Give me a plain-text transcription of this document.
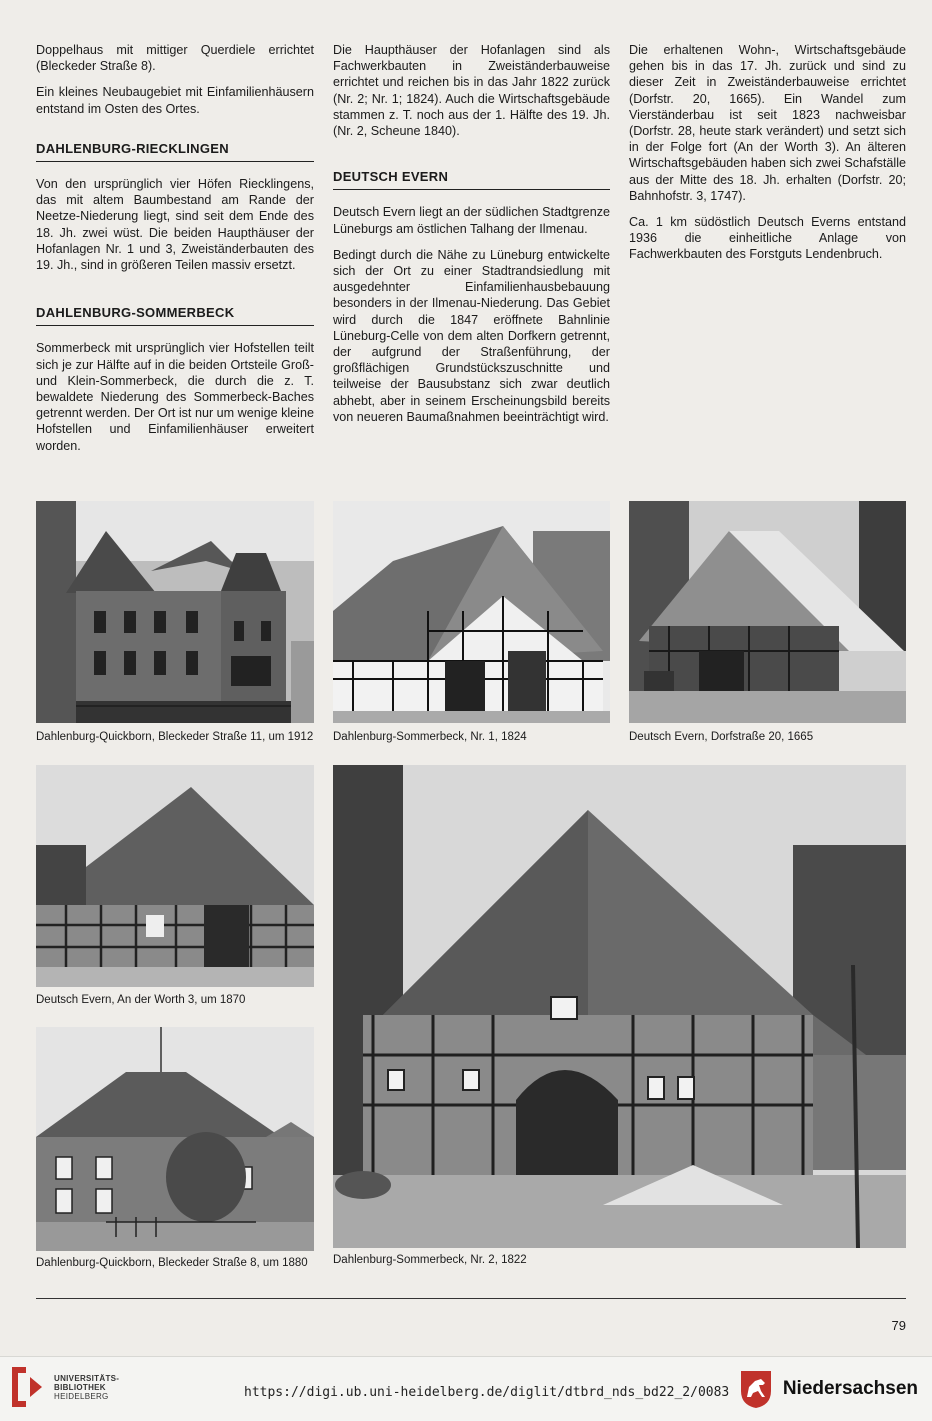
Doppelhaus mit mittiger Querdiele errichtet (Bleckeder Straße 8).

Ein kleines Neubaugebiet mit Einfamilienhäusern entstand im Osten des Ortes.

DAHLENBURG-RIECKLINGEN

Von den ursprünglich vier Höfen Riecklingens, das mit altem Baumbestand am Rande der Neetze-Niederung liegt, sind seit dem Ende des 18. Jh. zwei wüst. Die beiden Haupthäuser der Hofanlagen Nr. 1 und 3, Zweiständerbauten des 19. Jh., sind in größeren Teilen massiv ersetzt.

DAHLENBURG-SOMMERBECK

Sommerbeck mit ursprünglich vier Hofstellen teilt sich je zur Hälfte auf in die beiden Ortsteile Groß- und Klein-Sommerbeck, die durch die z. T. bewaldete Niederung des Sommerbeck-Baches getrennt werden. Der Ort ist nur um wenige kleine Hofstellen und Einfamilienhäuser erweitert worden.

Die Haupthäuser der Hofanlagen sind als Fachwerkbauten in Zweiständerbauweise errichtet und reichen bis in das Jahr 1822 zurück (Nr. 2; Nr. 1; 1824). Auch die Wirtschaftsgebäude stammen z. T. noch aus der 1. Hälfte des 19. Jh. (Nr. 2, Scheune 1840).

DEUTSCH EVERN

Deutsch Evern liegt an der südlichen Stadtgrenze Lüneburgs am östlichen Talhang der Ilmenau.

Bedingt durch die Nähe zu Lüneburg entwickelte sich der Ort zu einer Stadtrandsiedlung mit ausgedehnter Einfamilienhausbebauung besonders in der Ilmenau-Niederung. Das Gebiet wird durch die 1847 eröffnete Bahnlinie Lüneburg-Celle von dem alten Dorfkern getrennt, der aufgrund der Straßenführung, der großflächigen Grundstückszuschnitte und teilweise der Bausubstanz sich zwar deutlich abhebt, aber in seinem Erscheinungsbild bereits von neueren Baumaßnahmen beeinträchtigt wird.

Die erhaltenen Wohn-, Wirtschaftsgebäude gehen bis in das 17. Jh. zurück und sind zu dieser Zeit in Zweiständerbauweise errichtet (Dorfstr. 20, 1665). Ein Wandel zum Vierständerbau ist seit 1823 nachweisbar (Dorfstr. 28, heute stark verändert) und setzt sich in der Folge fort (An der Worth 3). An älteren Wirtschaftsgebäuden haben sich zwei Schafställe aus der Mitte des 18. Jh. erhalten (Dorfstr. 20; Bahnhofstr. 3, 1747).

Ca. 1 km südöstlich Deutsch Everns entstand 1936 die einheitliche Anlage von Fachwerkbauten des Forstguts Lendenbruch.

Dahlenburg-Quickborn, Bleckeder Straße 11, um 1912 Dahlenburg-Sommerbeck, Nr. 1, 1824	Deutsch Evern, Dorfstraße 20, 1665
Deutsch Evern, An der Worth 3, um 1870
Dahlenburg-Quickborn, Bleckeder Straße 8, um 1880	Dahlenburg-Sommerbeck, Nr. 2, 1822
79
UNIVERSITÄTS-
BIBLIOTHEK
HEIDELBERG	https://digi.ub.uni-heidelberg.de/diglit/dtbrd_nds_bd22_2/0083	Niedersachsen
